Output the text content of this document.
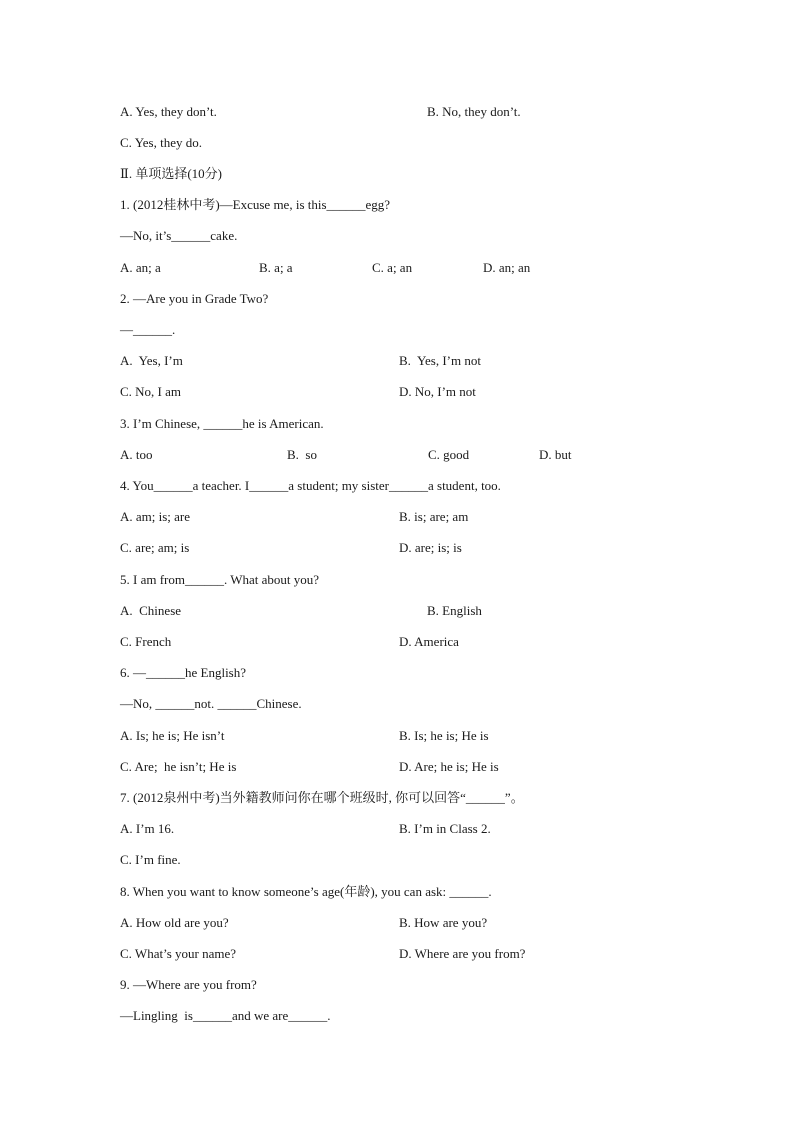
A. Yes, they don’t.	B. No, they don’t.
C. Yes, they do.
Ⅱ. 单项选择(10分)
1. (2012桂林中考)—Excuse me, is this______egg?
—No, it’s______cake.
A. an; a	B. a; a	C. a; an	D. an; an
2. —Are you in Grade Two?
—______.
A.  Yes, I’m	B.  Yes, I’m not
C. No, I am	D. No, I’m not
3. I’m Chinese, ______he is American.
A. too	B.  so	C. good	D. but
4. You______a teacher. I______a student; my sister______a student, too.
A. am; is; are	B. is; are; am
C. are; am; is	D. are; is; is
5. I am from______. What about you?
A.  Chinese	B. English
C. French	D. America
6. —______he English?
—No, ______not. ______Chinese.
A. Is; he is; He isn’t	B. Is; he is; He is
C. Are;  he isn’t; He is	D. Are; he is; He is
7. (2012泉州中考)当外籍教师问你在哪个班级时, 你可以回答“______”。
A. I’m 16.	B. I’m in Class 2.
C. I’m fine.
8. When you want to know someone’s age(年龄), you can ask: ______.
A. How old are you?	B. How are you?
C. What’s your name?	D. Where are you from?
9. —Where are you from?
—Lingling  is______and we are______.
